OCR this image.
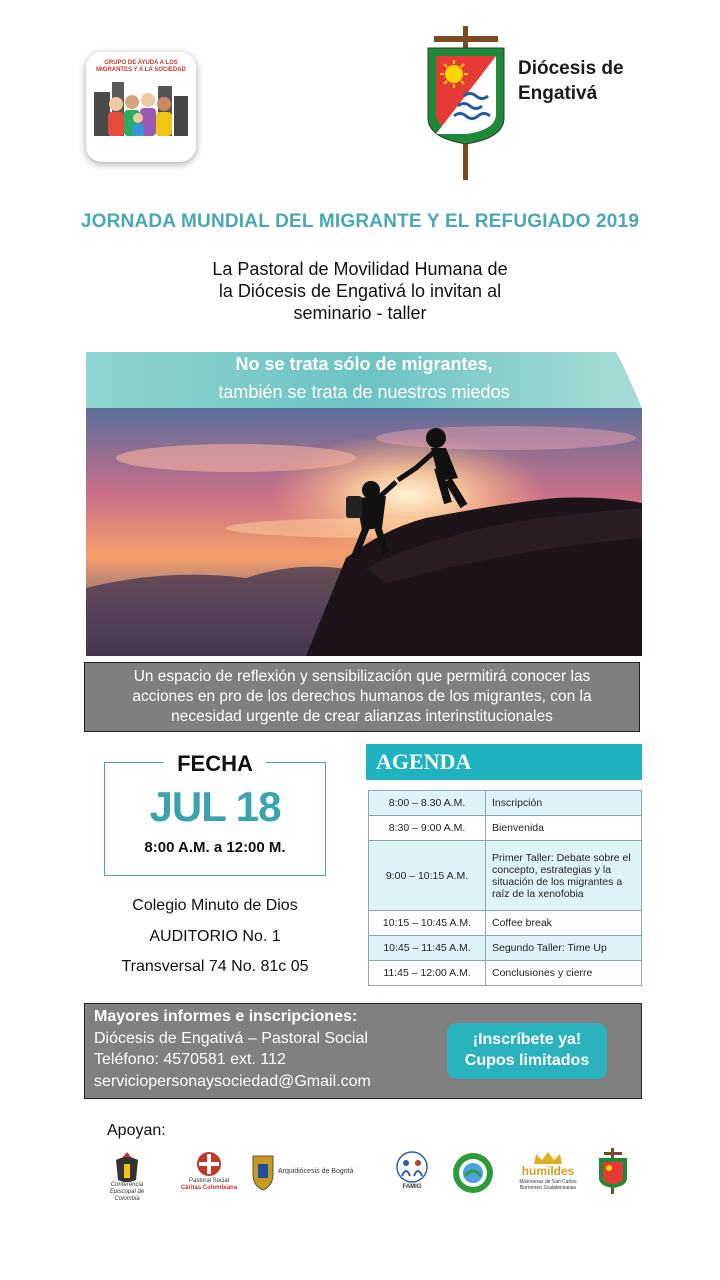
GRUPO DE AYUDA A LOS MIGRANTES Y A LA SOCIEDAD	Diócesis de
Engativá
JORNADA MUNDIAL DEL MIGRANTE Y EL REFUGIADO 2019
La Pastoral de Movilidad Humana de
la Diócesis de Engativá lo invitan al
seminario - taller
No se trata sólo de migrantes,
también se trata de nuestros miedos
Un espacio de reflexión y sensibilización que permitirá conocer las
acciones en pro de los derechos humanos de los migrantes, con la
necesidad urgente de crear alianzas interinstitucionales
FECHA
JUL 18
8:00 A.M. a 12:00 M.
Colegio Minuto de Dios
AUDITORIO No. 1
Transversal 74 No. 81c 05
AGENDA
8:00 – 8.30 A.M.	Inscripción
8:30 – 9:00 A.M.	Bienvenida
9:00 – 10:15 A.M.	Primer Taller: Debate sobre el concepto, estrategias y la situación de los migrantes a raíz de la xenofobia
10:15 – 10:45 A.M.	Coffee break
10:45 – 11:45 A.M.	Segundo Taller: Time Up
11:45 – 12:00 A.M.	Conclusiones y cierre
Mayores informes e inscripciones:
Diócesis de Engativá – Pastoral Social
Teléfono: 4570581 ext. 112
serviciopersonaysociedad@Gmail.com
¡Inscríbete ya!
Cupos limitados
Apoyan:
Conferencia Episcopal de Colombia
Pastoral Social
Cáritas Colombiana
Arquidiócesis de Bogotá
FAMIG
humildes
Misioneras de San Carlos Borromeo Scalabrinianas
